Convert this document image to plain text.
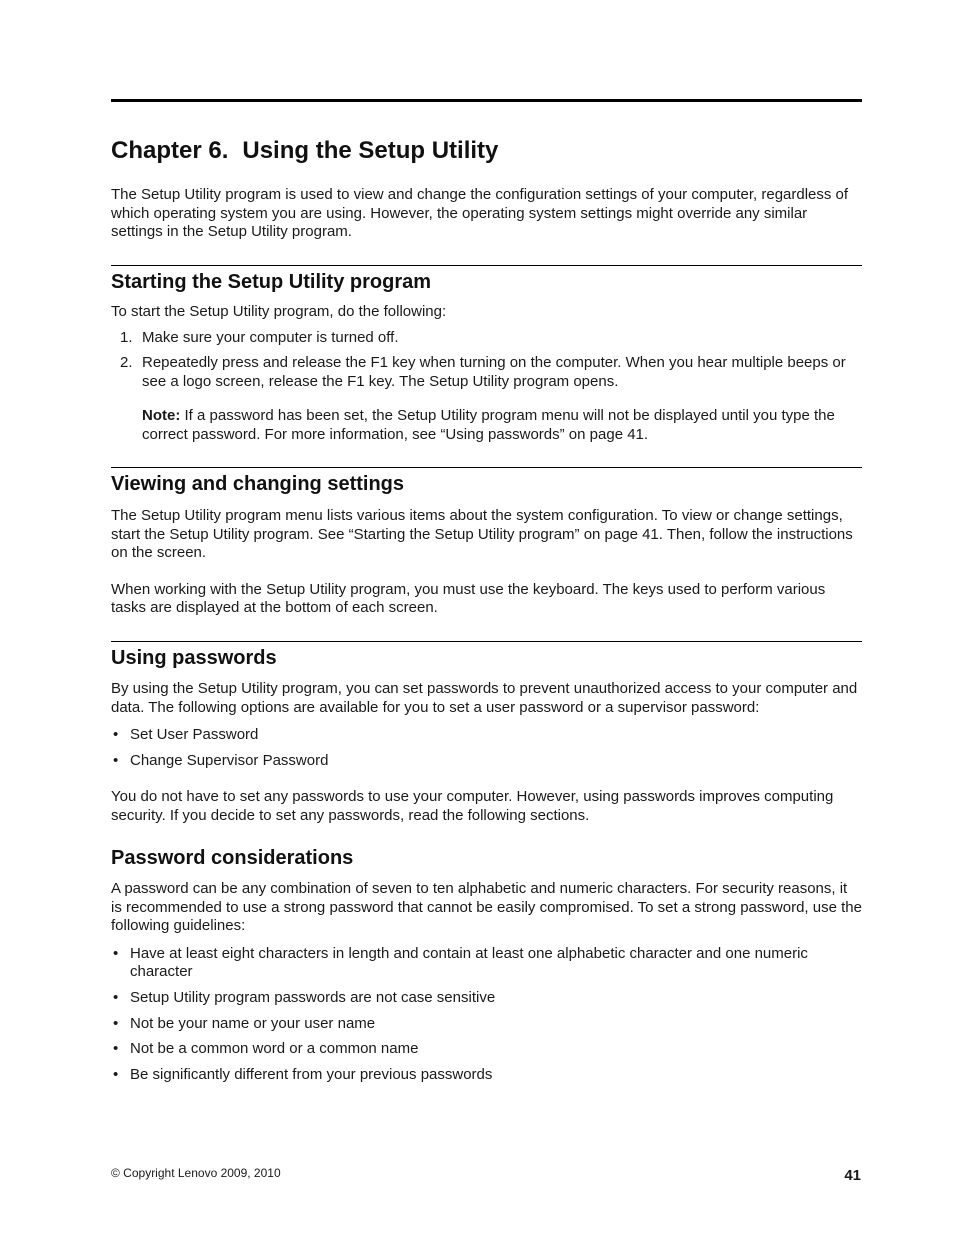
Chapter 6. Using the Setup Utility

The Setup Utility program is used to view and change the configuration settings of your computer, regardless of which operating system you are using. However, the operating system settings might override any similar settings in the Setup Utility program.

Starting the Setup Utility program

To start the Setup Utility program, do the following:

1. Make sure your computer is turned off.
2. Repeatedly press and release the F1 key when turning on the computer. When you hear multiple beeps or see a logo screen, release the F1 key. The Setup Utility program opens.

Note: If a password has been set, the Setup Utility program menu will not be displayed until you type the correct password. For more information, see “Using passwords” on page 41.

Viewing and changing settings

The Setup Utility program menu lists various items about the system configuration. To view or change settings, start the Setup Utility program. See “Starting the Setup Utility program” on page 41. Then, follow the instructions on the screen.

When working with the Setup Utility program, you must use the keyboard. The keys used to perform various tasks are displayed at the bottom of each screen.

Using passwords

By using the Setup Utility program, you can set passwords to prevent unauthorized access to your computer and data. The following options are available for you to set a user password or a supervisor password:

• Set User Password
• Change Supervisor Password

You do not have to set any passwords to use your computer. However, using passwords improves computing security. If you decide to set any passwords, read the following sections.

Password considerations

A password can be any combination of seven to ten alphabetic and numeric characters. For security reasons, it is recommended to use a strong password that cannot be easily compromised. To set a strong password, use the following guidelines:

• Have at least eight characters in length and contain at least one alphabetic character and one numeric character
• Setup Utility program passwords are not case sensitive
• Not be your name or your user name
• Not be a common word or a common name
• Be significantly different from your previous passwords
© Copyright Lenovo 2009, 2010	41
